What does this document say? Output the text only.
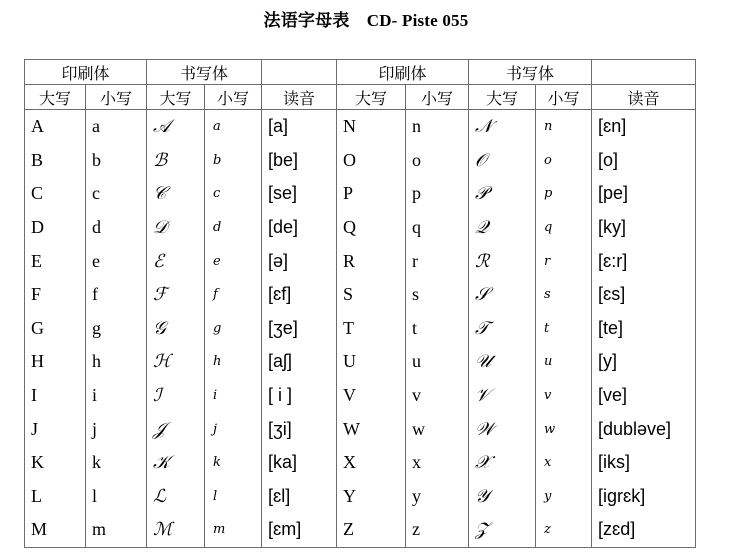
法语字母表　CD- Piste 055
印刷体		书写体			印刷体		书写体		
大写	小写	大写	小写	读音	大写	小写	大写	小写	读音
A	a	𝒜	a	[a]	N	n	𝒩	n	[ɛn]
B	b	ℬ	b	[be]	O	o	𝒪	o	[o]
C	c	𝒞	c	[se]	P	p	𝒫	p	[pe]
D	d	𝒟	d	[de]	Q	q	𝒬	q	[ky]
E	e	ℰ	e	[ə]	R	r	ℛ	r	[ɛ:r]
F	f	ℱ	f	[ɛf]	S	s	𝒮	s	[ɛs]
G	g	𝒢	g	[ʒe]	T	t	𝒯	t	[te]
H	h	ℋ	h	[aʃ]	U	u	𝒰	u	[y]
I	i	ℐ	i	[ i ]	V	v	𝒱	v	[ve]
J	j	𝒥	j	[ʒi]	W	w	𝒲	w	[dubləve]
K	k	𝒦	k	[ka]	X	x	𝒳	x	[iks]
L	l	ℒ	l	[ɛl]	Y	y	𝒴	y	[igrɛk]
M	m	ℳ	m	[ɛm]	Z	z	𝒵	z	[zɛd]
